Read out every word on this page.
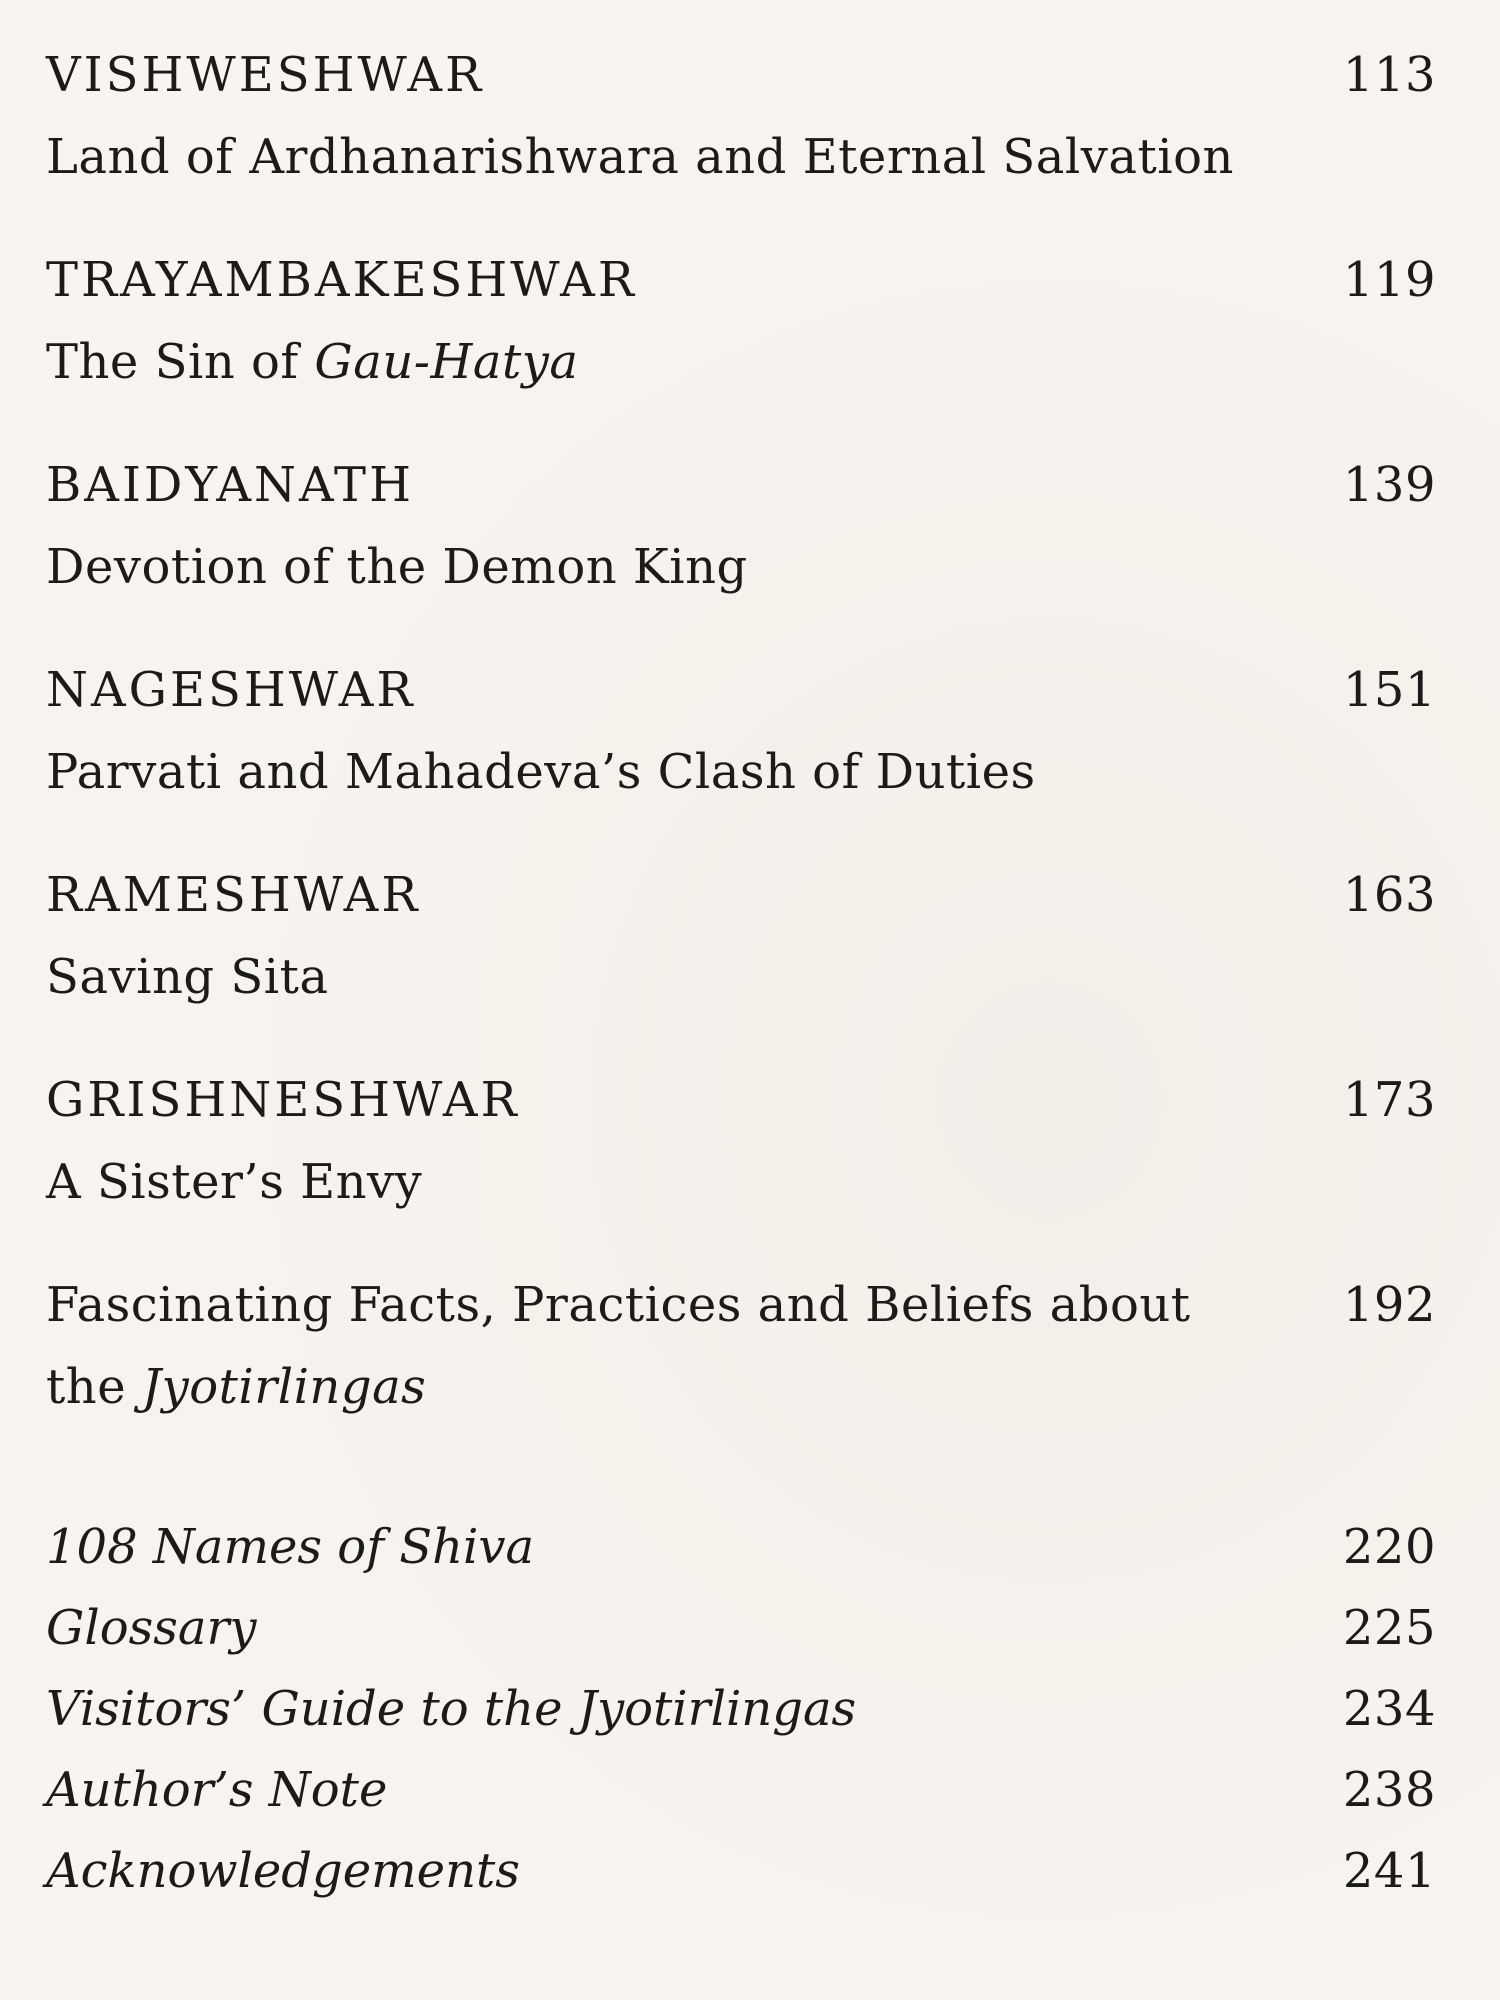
VISHWESHWAR	113
Land of Ardhanarishwara and Eternal Salvation
TRAYAMBAKESHWAR	119
The Sin of Gau-Hatya
BAIDYANATH	139
Devotion of the Demon King
NAGESHWAR	151
Parvati and Mahadeva’s Clash of Duties
RAMESHWAR	163
Saving Sita
GRISHNESHWAR	173
A Sister’s Envy
Fascinating Facts, Practices and Beliefs about	192
the Jyotirlingas
108 Names of Shiva	220
Glossary	225
Visitors’ Guide to the Jyotirlingas	234
Author’s Note	238
Acknowledgements	241
